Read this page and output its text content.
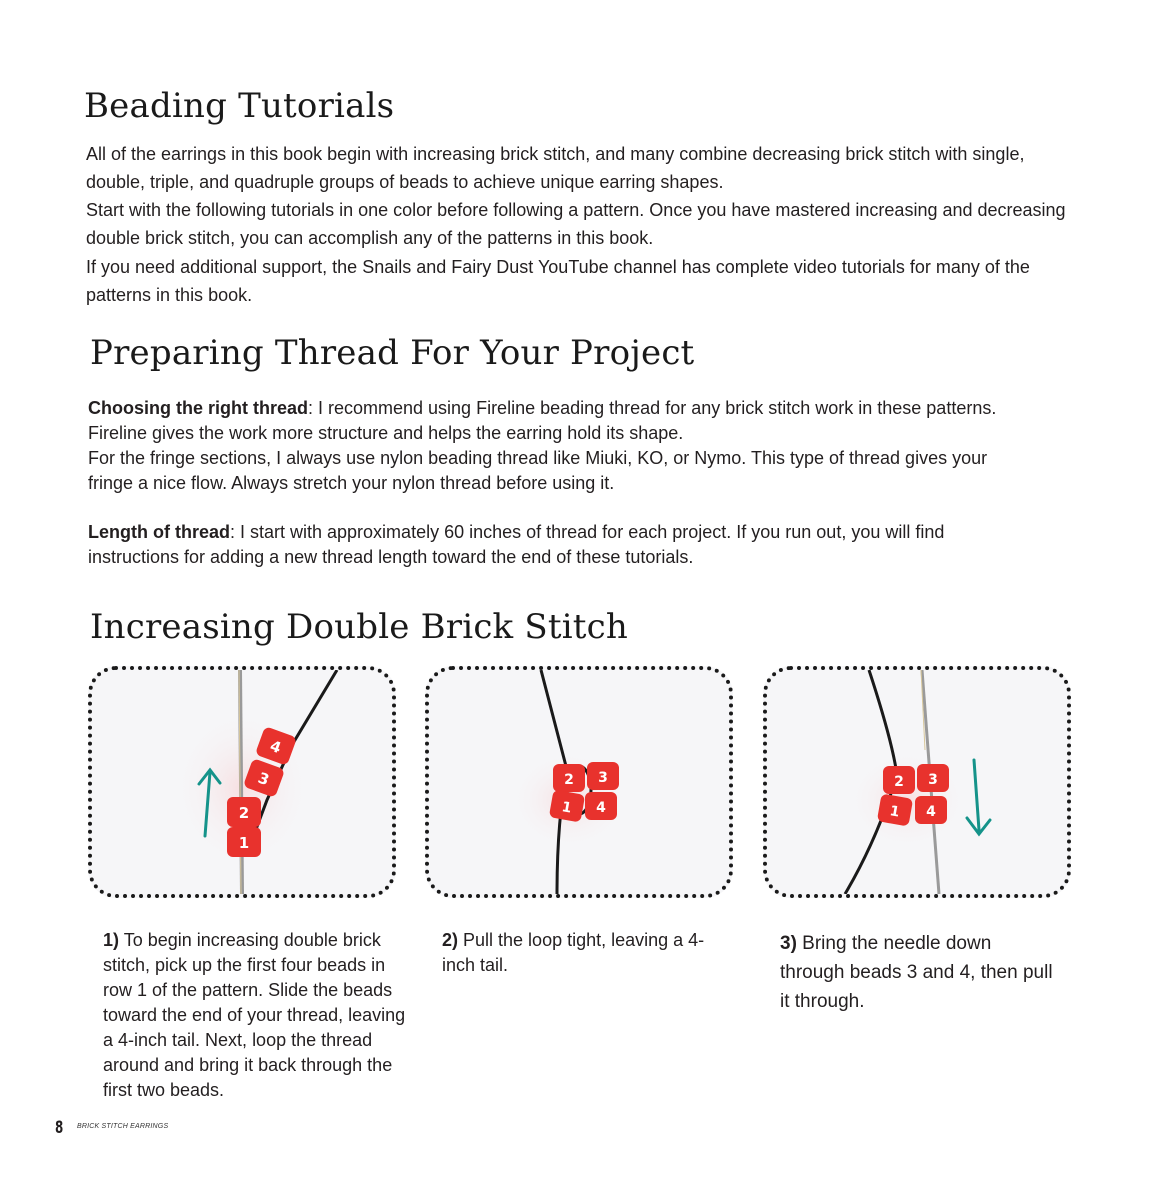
Beading Tutorials

All of the earrings in this book begin with increasing brick stitch, and many combine decreasing brick stitch with single, double, triple, and quadruple groups of beads to achieve unique earring shapes.

Start with the following tutorials in one color before following a pattern. Once you have mastered increasing and decreasing double brick stitch, you can accomplish any of the patterns in this book.

If you need additional support, the Snails and Fairy Dust YouTube channel has complete video tutorials for many of the patterns in this book.

Preparing Thread For Your Project

Choosing the right thread: I recommend using Fireline beading thread for any brick stitch work in these patterns. Fireline gives the work more structure and helps the earring hold its shape.

For the fringe sections, I always use nylon beading thread like Miuki, KO, or Nymo. This type of thread gives your fringe a nice flow. Always stretch your nylon thread before using it.

Length of thread: I start with approximately 60 inches of thread for each project. If you run out, you will find instructions for adding a new thread length toward the end of these tutorials.

Increasing Double Brick Stitch
4
3
2
1
2 3
1 4
2 3
1 4

1) To begin increasing double brick stitch, pick up the first four beads in row 1 of the pattern. Slide the beads toward the end of your thread, leaving a 4-inch tail. Next, loop the thread around and bring it back through the first two beads.

2) Pull the loop tight, leaving a 4-inch tail.

3) Bring the needle down through beads 3 and 4, then pull it through.

8 BRICK STITCH EARRINGS
